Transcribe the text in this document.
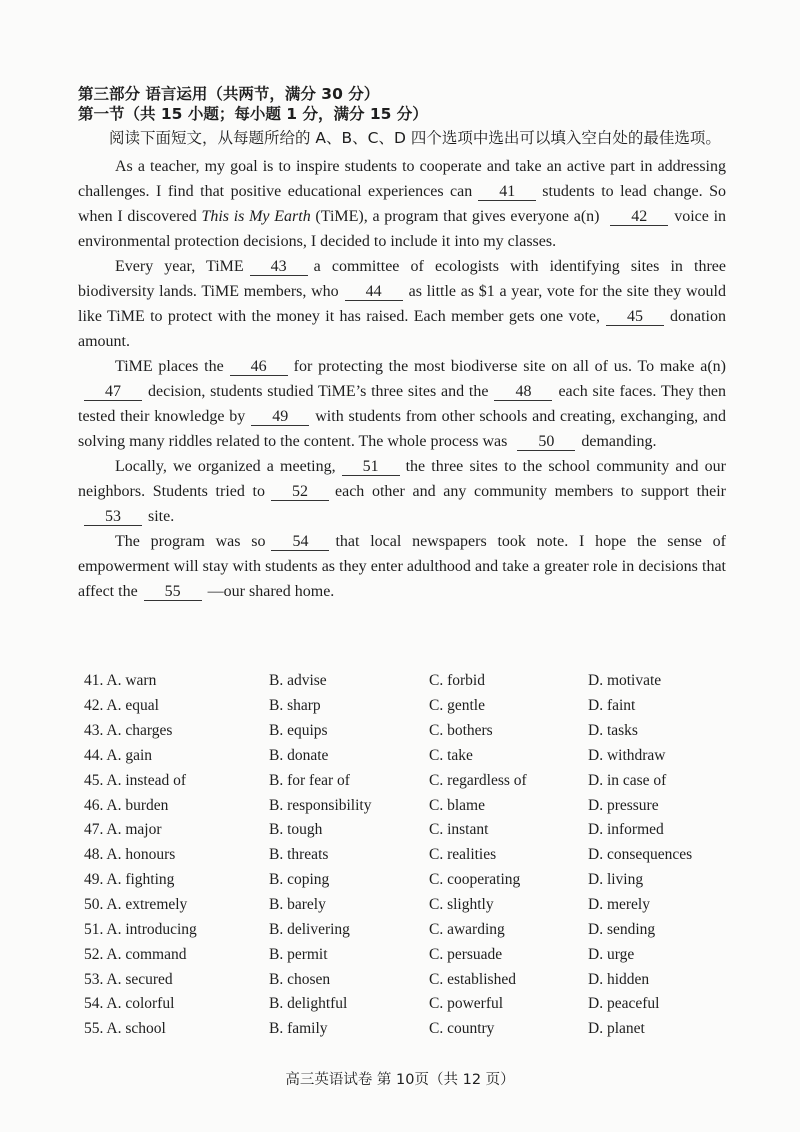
第三部分 语言运用（共两节，满分 30 分）

第一节（共 15 小题；每小题 1 分，满分 15 分）

阅读下面短文，从每题所给的 A、B、C、D 四个选项中选出可以填入空白处的最佳选项。

As a teacher, my goal is to inspire students to cooperate and take an active part in addressing challenges. I find that positive educational experiences can 41 students to lead change. So when I discovered This is My Earth (TiME), a program that gives everyone a(n) 42 voice in environmental protection decisions, I decided to include it into my classes.

Every year, TiME 43 a committee of ecologists with identifying sites in three biodiversity lands. TiME members, who 44 as little as $1 a year, vote for the site they would like TiME to protect with the money it has raised. Each member gets one vote, 45 donation amount.

TiME places the 46 for protecting the most biodiverse site on all of us. To make a(n)47 decision, students studied TiME’s three sites and the 48 each site faces. They then tested their knowledge by 49 with students from other schools and creating, exchanging, and solving many riddles related to the content. The whole process was 50 demanding.

Locally, we organized a meeting, 51 the three sites to the school community and our neighbors. Students tried to 52 each other and any community members to support their53 site.

The program was so 54 that local newspapers took note. I hope the sense of empowerment will stay with students as they enter adulthood and take a greater role in decisions that affect the 55 —our shared home.

41. A. warn	B. advise	C. forbid	D. motivate
42. A. equal	B. sharp	C. gentle	D. faint
43. A. charges	B. equips	C. bothers	D. tasks
44. A. gain	B. donate	C. take	D. withdraw
45. A. instead of	B. for fear of	C. regardless of	D. in case of
46. A. burden	B. responsibility	C. blame	D. pressure
47. A. major	B. tough	C. instant	D. informed
48. A. honours	B. threats	C. realities	D. consequences
49. A. fighting	B. coping	C. cooperating	D. living
50. A. extremely	B. barely	C. slightly	D. merely
51. A. introducing	B. delivering	C. awarding	D. sending
52. A. command	B. permit	C. persuade	D. urge
53. A. secured	B. chosen	C. established	D. hidden
54. A. colorful	B. delightful	C. powerful	D. peaceful
55. A. school	B. family	C. country	D. planet
高三英语试卷 第 10页（共 12 页）
